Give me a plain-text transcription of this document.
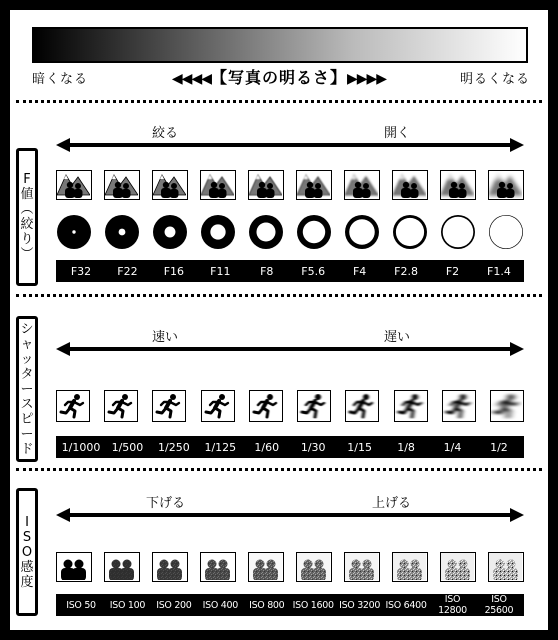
暗くなる	◀◀◀◀【写真の明るさ】▶▶▶▶	明るくなる
F
値
︵
絞
り
︶
絞る	開く
F32	F22	F16	F11	F8	F5.6	F4	F2.8	F2	F1.4
シ
ャ
ッ
タ
ー
ス
ピ
ー
ド
速い	遅い
1/1000	1/500	1/250	1/125	1/60	1/30	1/15	1/8	1/4	1/2
I
S
O
感
度
下げる	上げる
ISO 50	ISO 100	ISO 200	ISO 400	ISO 800 ISO 1600 ISO 3200 ISO 6400	ISO 12800
ISO 25600
